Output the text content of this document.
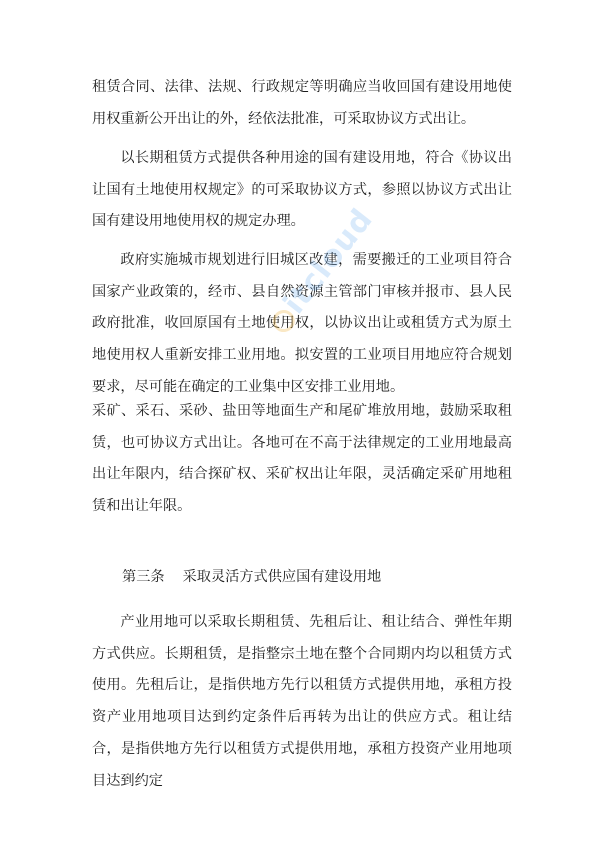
租赁合同、法律、法规、行政规定等明确应当收回国有建设用地使用权重新公开出让的外，经依法批准，可采取协议方式出让。

以长期租赁方式提供各种用途的国有建设用地，符合《协议出让国有土地使用权规定》的可采取协议方式，参照以协议方式出让国有建设用地使用权的规定办理。

政府实施城市规划进行旧城区改建，需要搬迁的工业项目符合国家产业政策的，经市、县自然资源主管部门审核并报市、县人民政府批准，收回原国有土地使用权，以协议出让或租赁方式为原土地使用权人重新安排工业用地。拟安置的工业项目用地应符合规划要求，尽可能在确定的工业集中区安排工业用地。

采矿、采石、采砂、盐田等地面生产和尾矿堆放用地，鼓励采取租赁，也可协议方式出让。各地可在不高于法律规定的工业用地最高出让年限内，结合探矿权、采矿权出让年限，灵活确定采矿用地租赁和出让年限。

第三条    采取灵活方式供应国有建设用地

产业用地可以采取长期租赁、先租后让、租让结合、弹性年期方式供应。长期租赁，是指整宗土地在整个合同期内均以租赁方式使用。先租后让，是指供地方先行以租赁方式提供用地，承租方投资产业用地项目达到约定条件后再转为出让的供应方式。租让结合，是指供地方先行以租赁方式提供用地，承租方投资产业用地项目达到约定

itcloud
